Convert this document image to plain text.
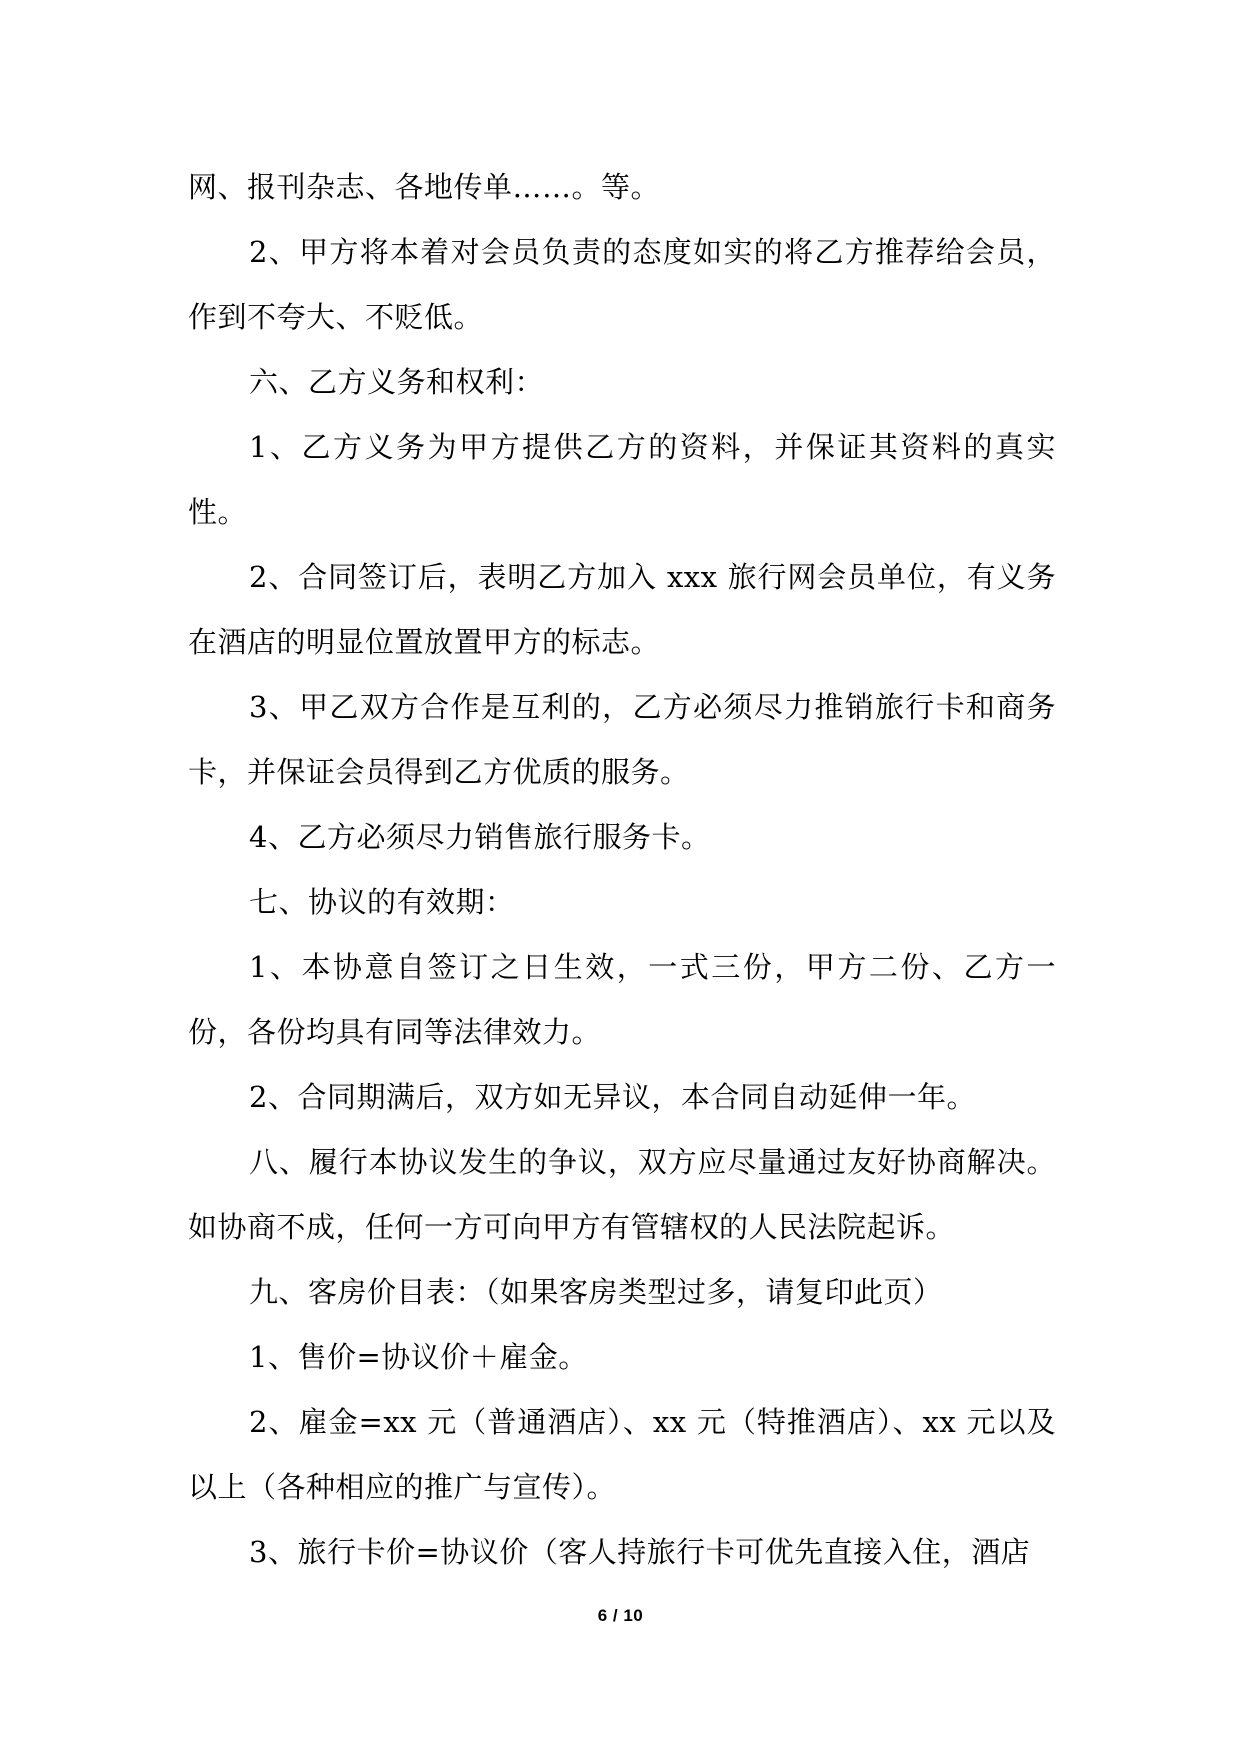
网、报刊杂志、各地传单……。等。

2、甲方将本着对会员负责的态度如实的将乙方推荐给会员，作到不夸大、不贬低。

六、乙方义务和权利：

1、乙方义务为甲方提供乙方的资料，并保证其资料的真实性。

2、合同签订后，表明乙方加入 xxx 旅行网会员单位，有义务在酒店的明显位置放置甲方的标志。

3、甲乙双方合作是互利的，乙方必须尽力推销旅行卡和商务卡，并保证会员得到乙方优质的服务。

4、乙方必须尽力销售旅行服务卡。

七、协议的有效期：

1、本协意自签订之日生效，一式三份，甲方二份、乙方一份，各份均具有同等法律效力。

2、合同期满后，双方如无异议，本合同自动延伸一年。

八、履行本协议发生的争议，双方应尽量通过友好协商解决。如协商不成，任何一方可向甲方有管辖权的人民法院起诉。

九、客房价目表：（如果客房类型过多，请复印此页）

1、售价=协议价＋雇金。

2、雇金=xx 元（普通酒店）、xx 元（特推酒店）、xx 元以及以上（各种相应的推广与宣传）。

3、旅行卡价=协议价（客人持旅行卡可优先直接入住，酒店

6 / 10
